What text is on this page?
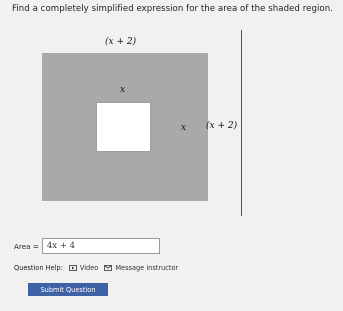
Find a completely simplified expression for the area of the shaded region.
(x + 2)
x
x (x + 2)
Area = 4x + 4
Question Help:	Video	Message instructor
Submit Question
